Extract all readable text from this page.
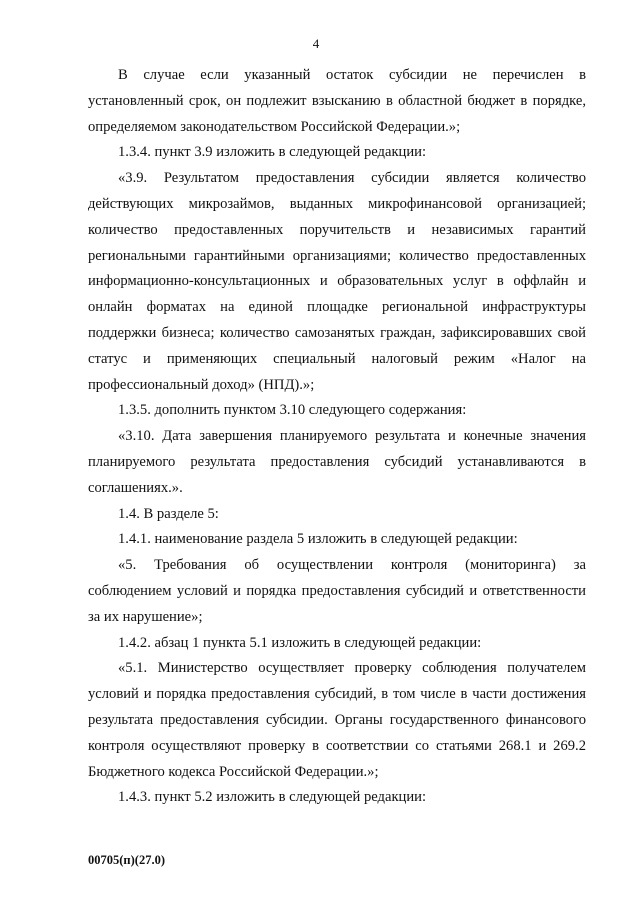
4

В случае если указанный остаток субсидии не перечислен в установленный срок, он подлежит взысканию в областной бюджет в порядке, определяемом законодательством Российской Федерации.»;

1.3.4. пункт 3.9 изложить в следующей редакции:

«3.9. Результатом предоставления субсидии является количество действующих микрозаймов, выданных микрофинансовой организацией; количество предоставленных поручительств и независимых гарантий региональными гарантийными организациями; количество предоставленных информационно-консультационных и образовательных услуг в оффлайн и онлайн форматах на единой площадке региональной инфраструктуры поддержки бизнеса; количество самозанятых граждан, зафиксировавших свой статус и применяющих специальный налоговый режим «Налог на профессиональный доход» (НПД).»;

1.3.5. дополнить пунктом 3.10 следующего содержания:

«3.10. Дата завершения планируемого результата и конечные значения планируемого результата предоставления субсидий устанавливаются в соглашениях.».

1.4. В разделе 5:

1.4.1. наименование раздела 5 изложить в следующей редакции:

«5. Требования об осуществлении контроля (мониторинга) за соблюдением условий и порядка предоставления субсидий и ответственности за их нарушение»;

1.4.2. абзац 1 пункта 5.1 изложить в следующей редакции:

«5.1. Министерство осуществляет проверку соблюдения получателем условий и порядка предоставления субсидий, в том числе в части достижения результата предоставления субсидии. Органы государственного финансового контроля осуществляют проверку в соответствии со статьями 268.1 и 269.2 Бюджетного кодекса Российской Федерации.»;

1.4.3. пункт 5.2 изложить в следующей редакции:

00705(п)(27.0)
